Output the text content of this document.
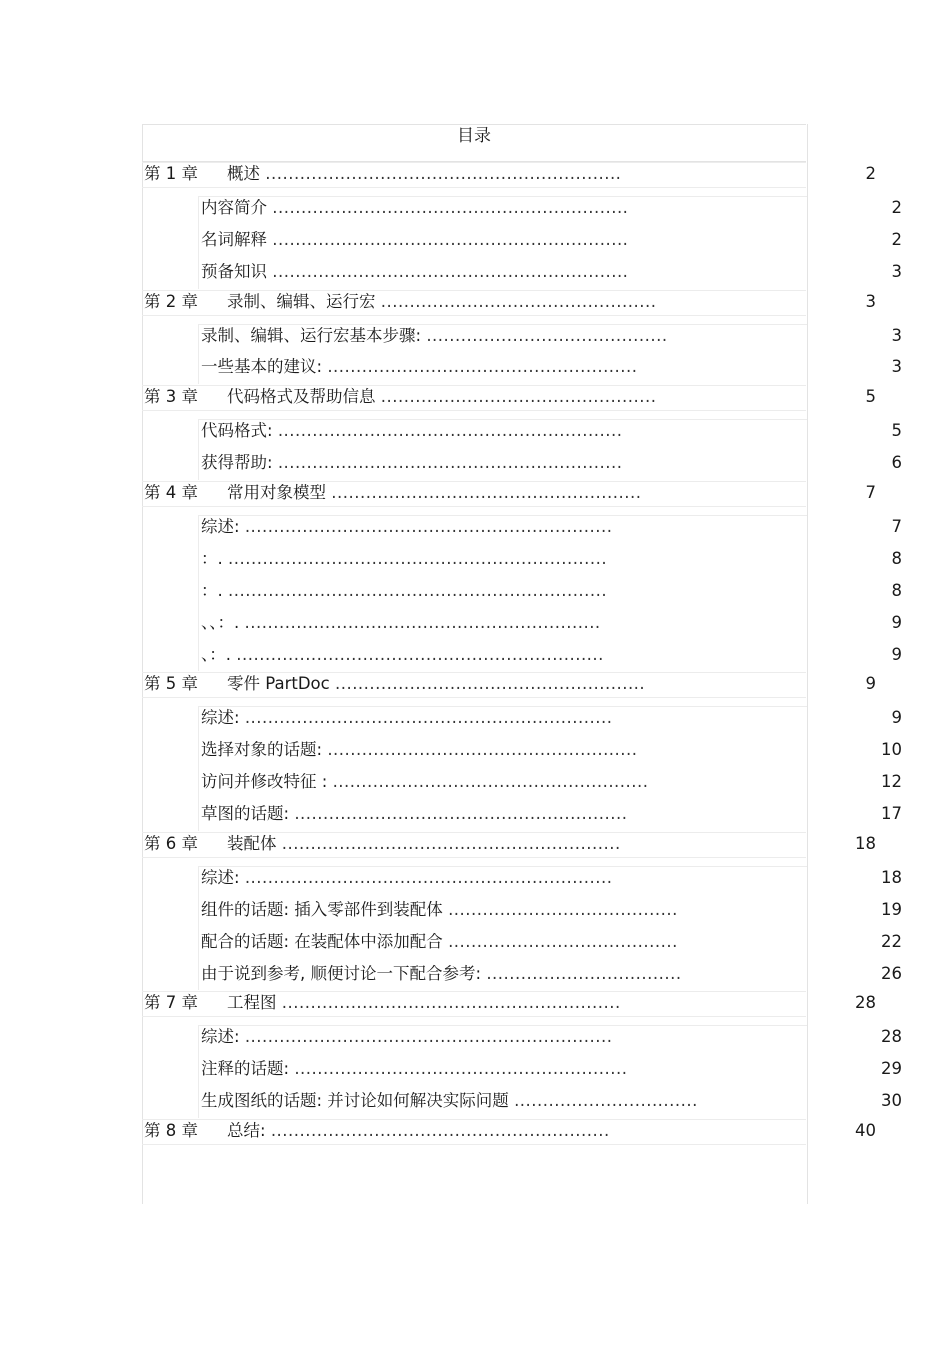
目录
第 1 章 概述 ..............................................................	2
内容简介 ..............................................................	2
名词解释 ..............................................................	2
预备知识 ..............................................................	3
第 2 章 录制、编辑、运行宏 ................................................	3
录制、编辑、运行宏基本步骤: ..........................................	3
一些基本的建议: ......................................................	3
第 3 章 代码格式及帮助信息 ................................................	5
代码格式: ............................................................	5
获得帮助: ............................................................	6
第 4 章 常用对象模型 ......................................................	7
综述: ................................................................	7
：. ..................................................................	8
：. ..................................................................	8
、、：. ..............................................................	9
、：. ................................................................	9
第 5 章 零件 PartDoc ......................................................	9
综述: ................................................................	9
选择对象的话题: ......................................................	10
访问并修改特征 : .......................................................	12
草图的话题: ..........................................................	17
第 6 章 装配体 ...........................................................	18
综述: ................................................................	18
组件的话题: 插入零部件到装配体 ........................................	19
配合的话题: 在装配体中添加配合 ........................................	22
由于说到参考, 顺便讨论一下配合参考: ..................................	26
第 7 章 工程图 ...........................................................	28
综述: ................................................................	28
注释的话题: ..........................................................	29
生成图纸的话题: 并讨论如何解决实际问题 ................................	30
第 8 章 总结: ...........................................................	40
